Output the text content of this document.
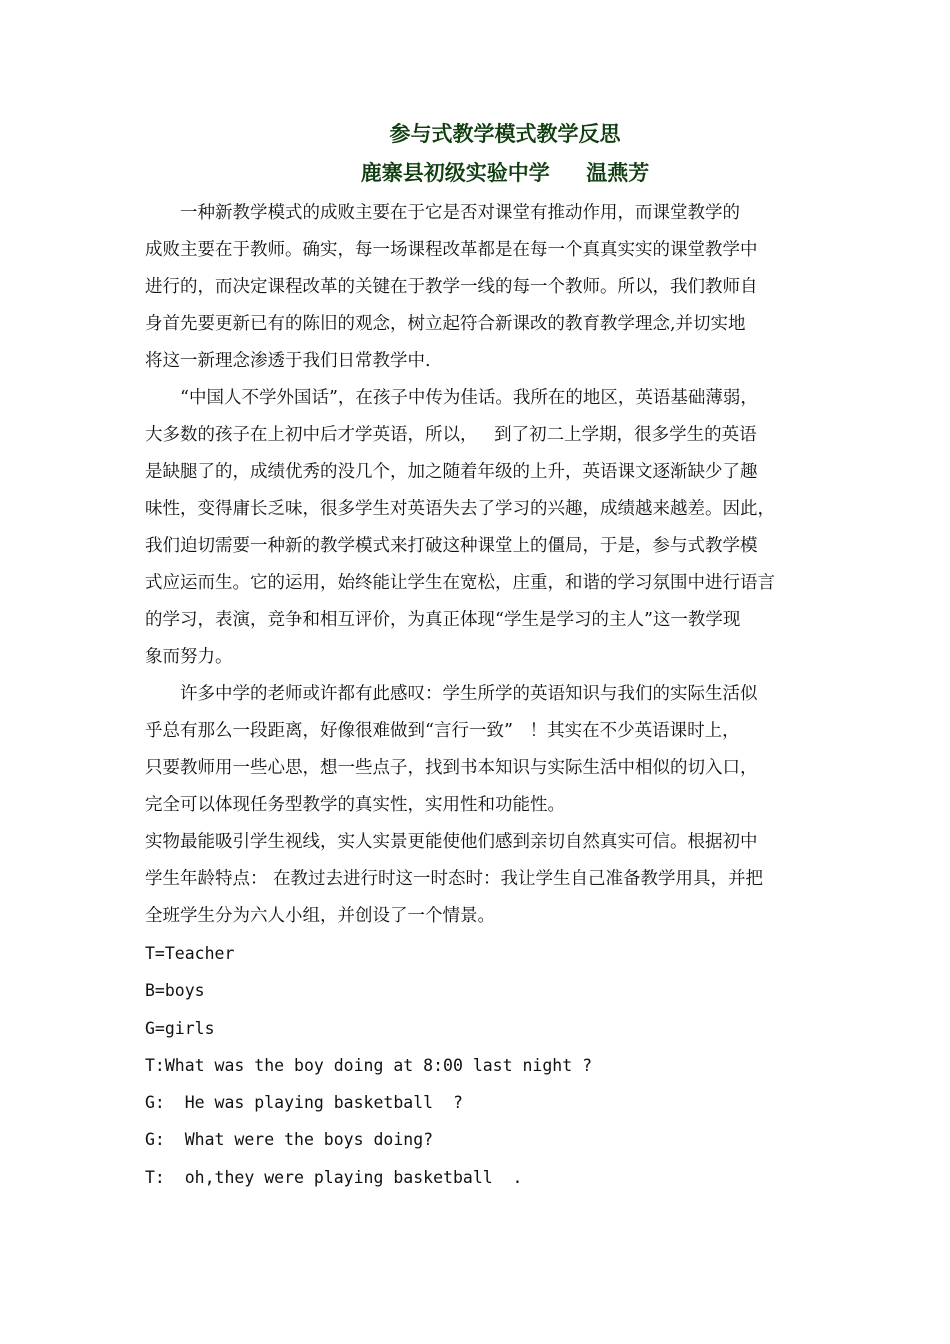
参与式教学模式教学反思
鹿寨县初级实验中学     温燕芳
一种新教学模式的成败主要在于它是否对课堂有推动作用，而课堂教学的
成败主要在于教师。确实，每一场课程改革都是在每一个真真实实的课堂教学中
进行的，而决定课程改革的关键在于教学一线的每一个教师。所以，我们教师自
身首先要更新已有的陈旧的观念，树立起符合新课改的教育教学理念,并切实地
将这一新理念渗透于我们日常教学中.
“中国人不学外国话”，在孩子中传为佳话。我所在的地区，英语基础薄弱，
大多数的孩子在上初中后才学英语，所以，   到了初二上学期，很多学生的英语
是缺腿了的，成绩优秀的没几个，加之随着年级的上升，英语课文逐渐缺少了趣
味性，变得庸长乏味，很多学生对英语失去了学习的兴趣，成绩越来越差。因此，
我们迫切需要一种新的教学模式来打破这种课堂上的僵局，于是，参与式教学模
式应运而生。它的运用，始终能让学生在宽松，庄重，和谐的学习氛围中进行语言
的学习，表演，竞争和相互评价，为真正体现“学生是学习的主人”这一教学现
象而努力。
许多中学的老师或许都有此感叹：学生所学的英语知识与我们的实际生活似
乎总有那么一段距离，好像很难做到“言行一致”   ！其实在不少英语课时上，
只要教师用一些心思，想一些点子，找到书本知识与实际生活中相似的切入口，
完全可以体现任务型教学的真实性，实用性和功能性。
实物最能吸引学生视线，实人实景更能使他们感到亲切自然真实可信。根据初中
学生年龄特点： 在教过去进行时这一时态时：我让学生自己准备教学用具，并把
全班学生分为六人小组，并创设了一个情景。
T=Teacher
B=boys
G=girls
T:What was the boy doing at 8:00 last night ?
G:  He was playing basketball  ?
G:  What were the boys doing?
T:  oh,they were playing basketball  .
